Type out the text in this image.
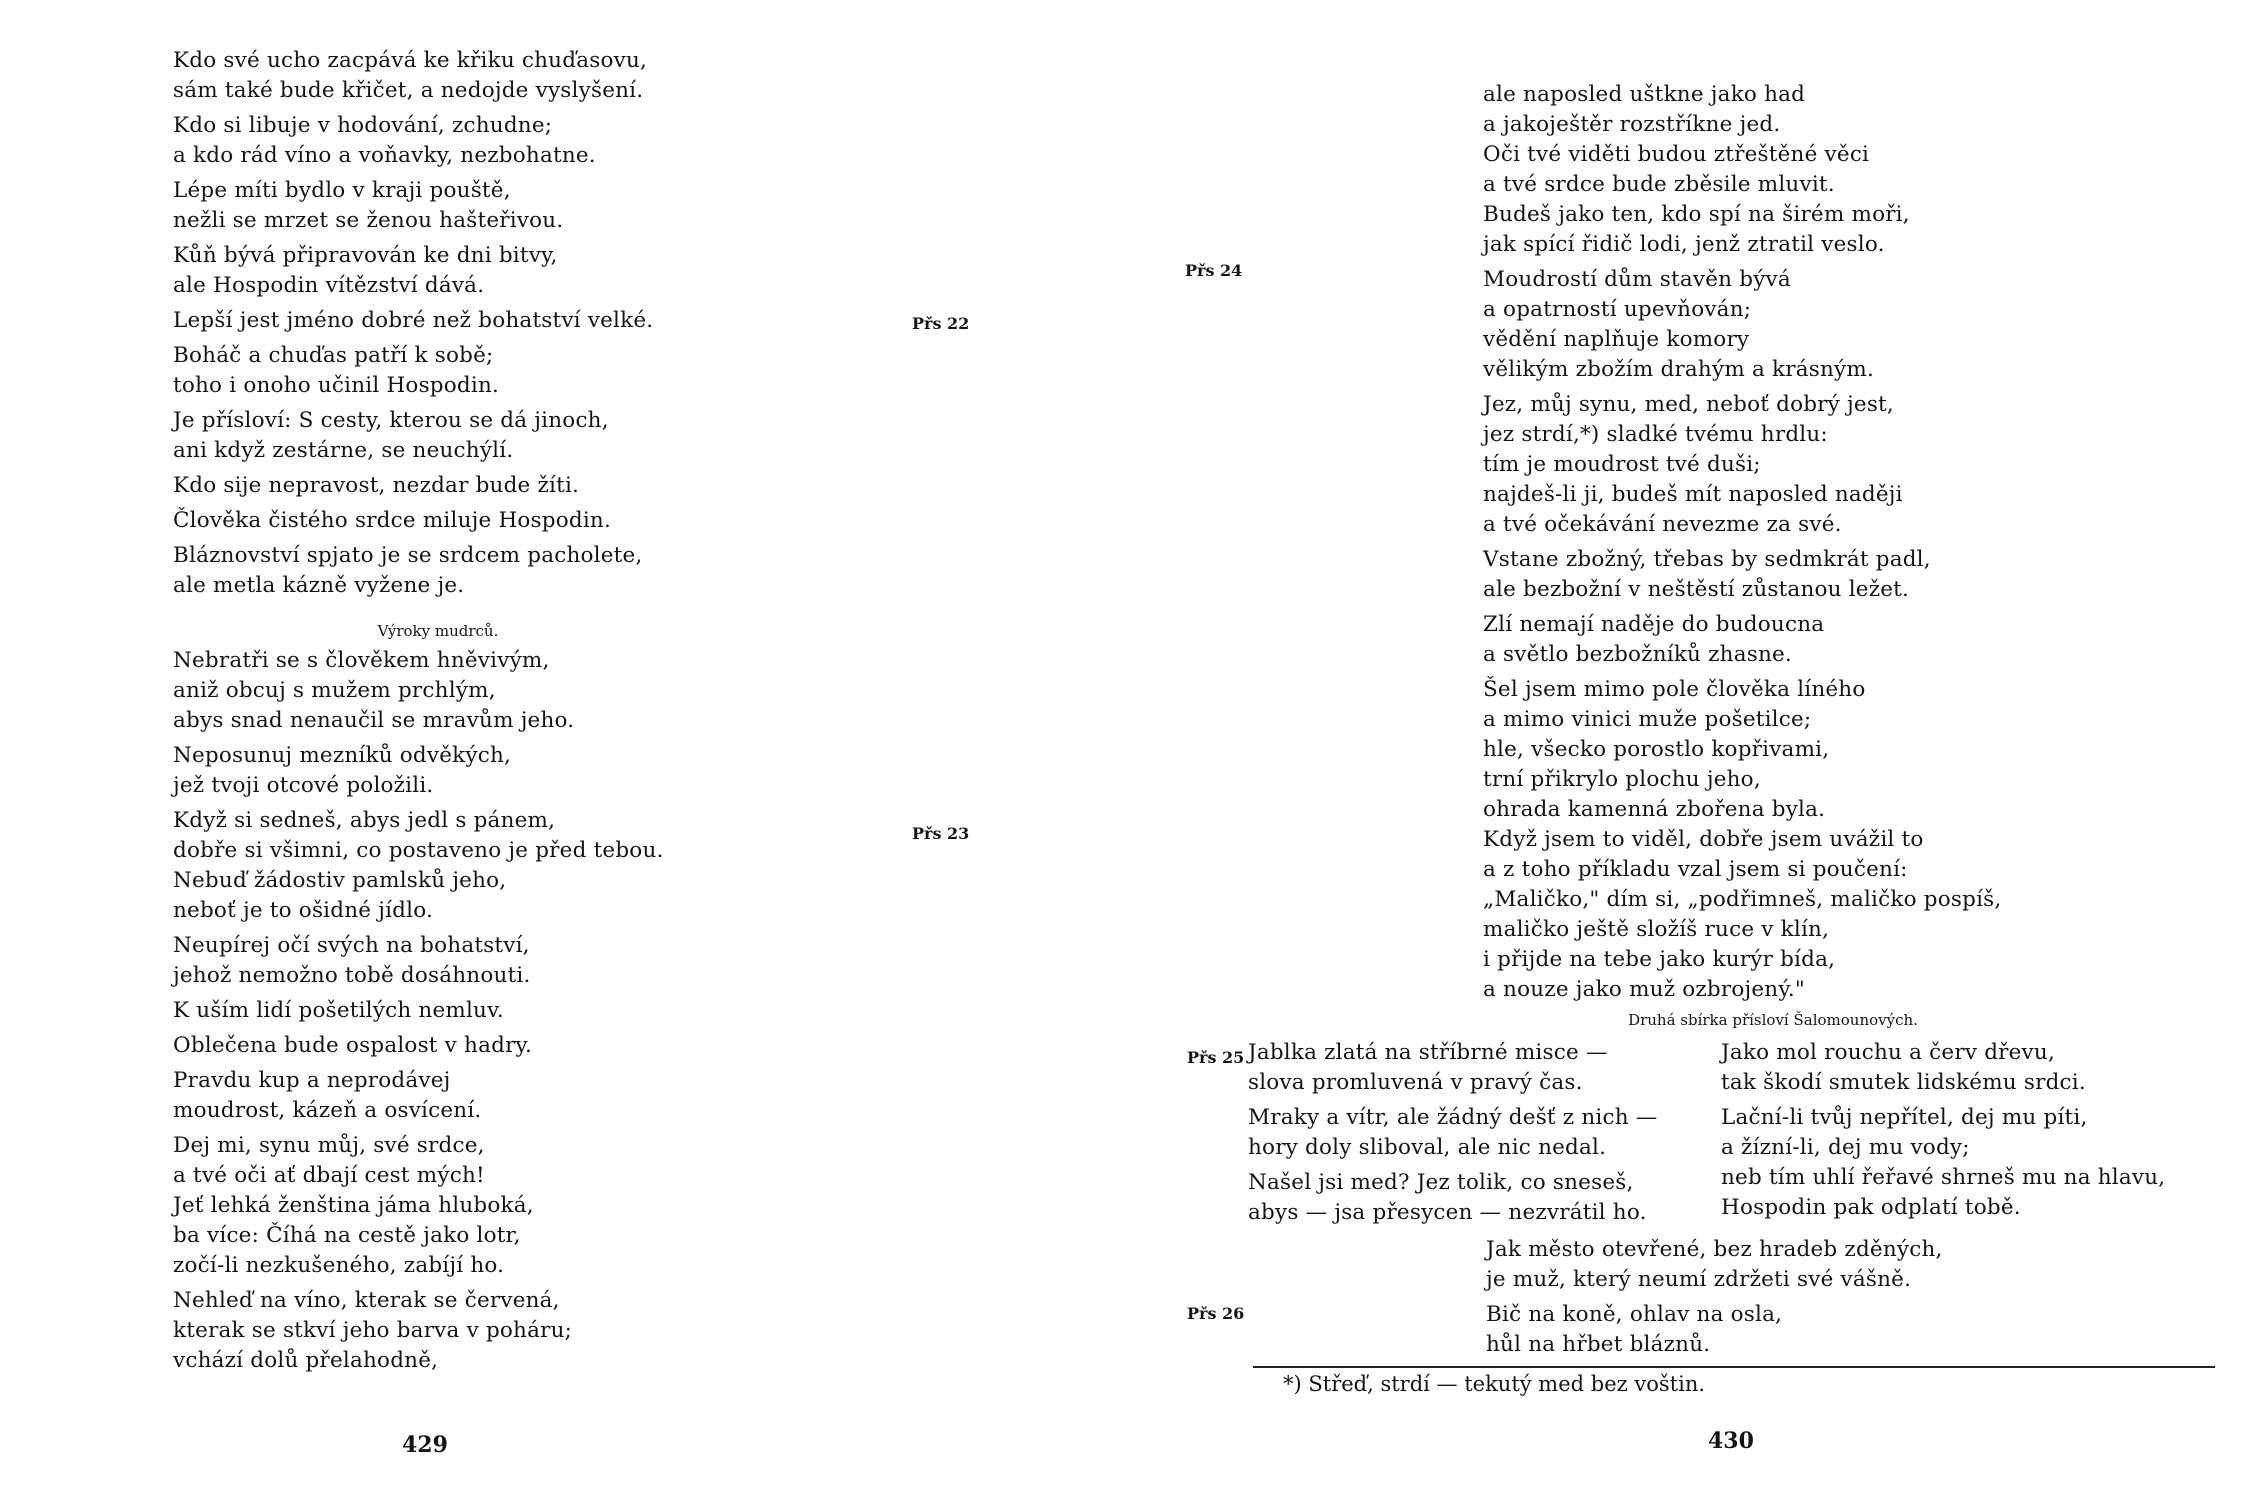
Kdo své ucho zacpává ke křiku chuďasovu,
sám také bude křičet, a nedojde vyslyšení.
Kdo si libuje v hodování, zchudne;
a kdo rád víno a voňavky, nezbohatne.
Lépe míti bydlo v kraji pouště,
nežli se mrzet se ženou hašteřivou.
Kůň bývá připravován ke dni bitvy,
ale Hospodin vítězství dává.
Lepší jest jméno dobré než bohatství velké.
Boháč a chuďas patří k sobě;
toho i onoho učinil Hospodin.
Je přísloví: S cesty, kterou se dá jinoch,
ani když zestárne, se neuchýlí.
Kdo sije nepravost, nezdar bude žíti.
Člověka čistého srdce miluje Hospodin.
Bláznovství spjato je se srdcem pacholete,
ale metla kázně vyžene je.
Výroky mudrců.
Nebratři se s člověkem hněvivým,
aniž obcuj s mužem prchlým,
abys snad nenaučil se mravům jeho.
Neposunuj mezníků odvěkých,
jež tvoji otcové položili.
Když si sedneš, abys jedl s pánem,
dobře si všimni, co postaveno je před tebou.
Nebuď žádostiv pamlsků jeho,
neboť je to ošidné jídlo.
Neupírej očí svých na bohatství,
jehož nemožno tobě dosáhnouti.
K uším lidí pošetilých nemluv.
Oblečena bude ospalost v hadry.
Pravdu kup a neprodávej
moudrost, kázeň a osvícení.
Dej mi, synu můj, své srdce,
a tvé oči ať dbají cest mých!
Jeť lehká ženština jáma hluboká,
ba více: Číhá na cestě jako lotr,
zočí-li nezkušeného, zabíjí ho.
Nehleď na víno, kterak se červená,
kterak se stkví jeho barva v poháru;
vchází dolů přelahodně,
Přs 22
Přs 23
429
ale naposled uštkne jako had
a jakoještěr rozstříkne jed.
Oči tvé viděti budou ztřeštěné věci
a tvé srdce bude zběsile mluvit.
Budeš jako ten, kdo spí na širém moři,
jak spící řidič lodi, jenž ztratil veslo.
Moudrostí dům stavěn bývá
a opatrností upevňován;
vědění naplňuje komory
vělikým zbožím drahým a krásným.
Jez, můj synu, med, neboť dobrý jest,
jez strdí,*) sladké tvému hrdlu:
tím je moudrost tvé duši;
najdeš-li ji, budeš mít naposled naději
a tvé očekávání nevezme za své.
Vstane zbožný, třebas by sedmkrát padl,
ale bezbožní v neštěstí zůstanou ležet.
Zlí nemají naděje do budoucna
a světlo bezbožníků zhasne.
Šel jsem mimo pole člověka líného
a mimo vinici muže pošetilce;
hle, všecko porostlo kopřivami,
trní přikrylo plochu jeho,
ohrada kamenná zbořena byla.
Když jsem to viděl, dobře jsem uvážil to
a z toho příkladu vzal jsem si poučení:
„Maličko," dím si, „podřimneš, maličko pospíš,
maličko ještě složíš ruce v klín,
i přijde na tebe jako kurýr bída,
a nouze jako muž ozbrojený."
Přs 24
Druhá sbírka přísloví Šalomounových.
Přs 25 Jablka zlatá na stříbrné misce —
slova promluvená v pravý čas.
Mraky a vítr, ale žádný dešť z nich —
hory doly sliboval, ale nic nedal.
Našel jsi med? Jez tolik, co sneseš,
abys — jsa přesycen — nezvrátil ho.
Jako mol rouchu a červ dřevu,
tak škodí smutek lidskému srdci.
Lační-li tvůj nepřítel, dej mu píti,
a žízní-li, dej mu vody;
neb tím uhlí řeřavé shrneš mu na hlavu,
Hospodin pak odplatí tobě.
Jak město otevřené, bez hradeb zděných,
je muž, který neumí zdržeti své vášně.
Bič na koně, ohlav na osla,
hůl na hřbet bláznů.
Přs 26
*) Střeď, strdí — tekutý med bez voštin.
430
